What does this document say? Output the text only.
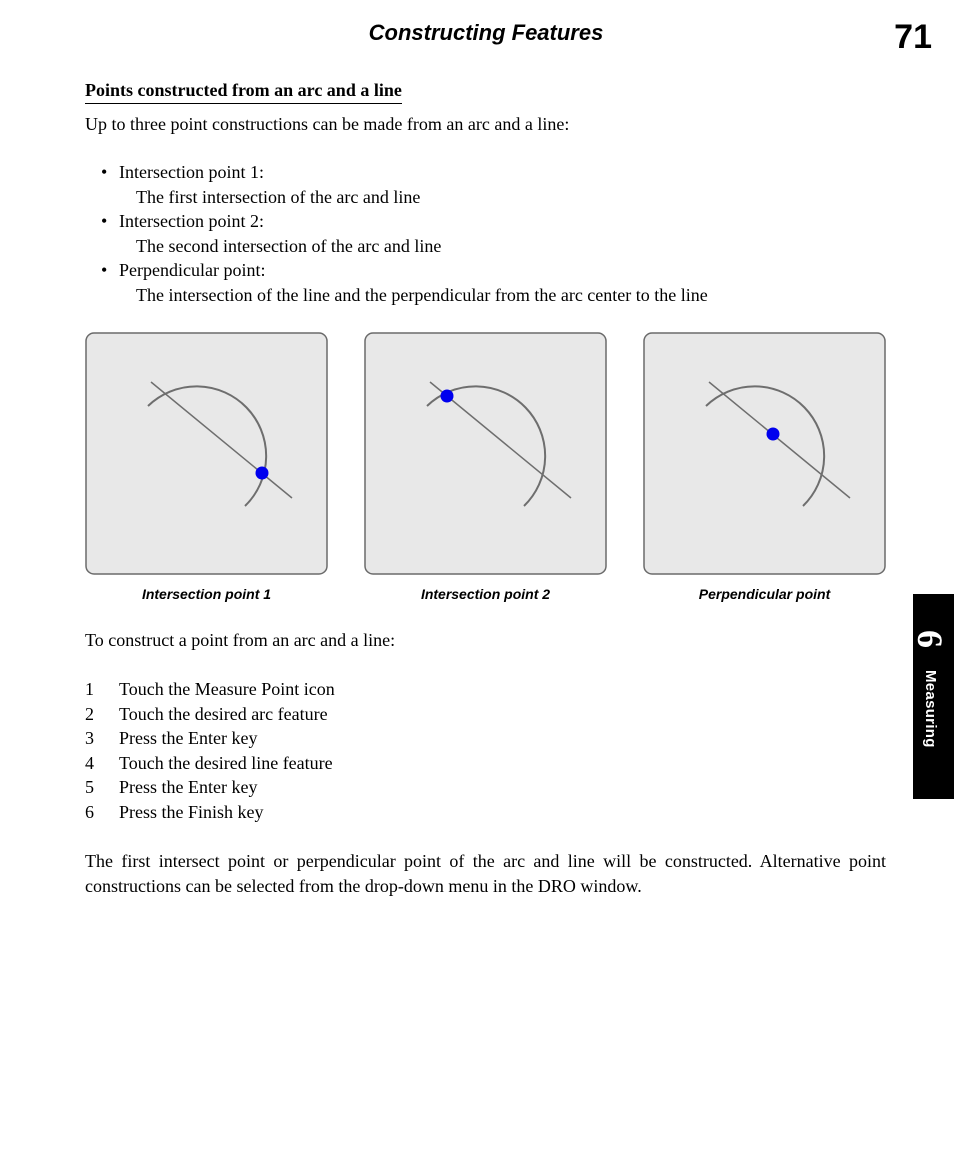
Constructing Features	71
Points constructed from an arc and a line
Up to three point constructions can be made from an arc and a line:
• Intersection point 1:
The first intersection of the arc and line
• Intersection point 2:
The second intersection of the arc and line
• Perpendicular point:
The intersection of the line and the perpendicular from the arc center to the line
Intersection point 1	Intersection point 2	Perpendicular point
To construct a point from an arc and a line:
1	Touch the Measure Point icon
2	Touch the desired arc feature
3	Press the Enter key
4	Touch the desired line feature
5	Press the Enter key
6	Press the Finish key
The first intersect point or perpendicular point of the arc and line will be constructed. Alternative point constructions can be selected from the drop-down menu in the DRO window.
6
Measuring
